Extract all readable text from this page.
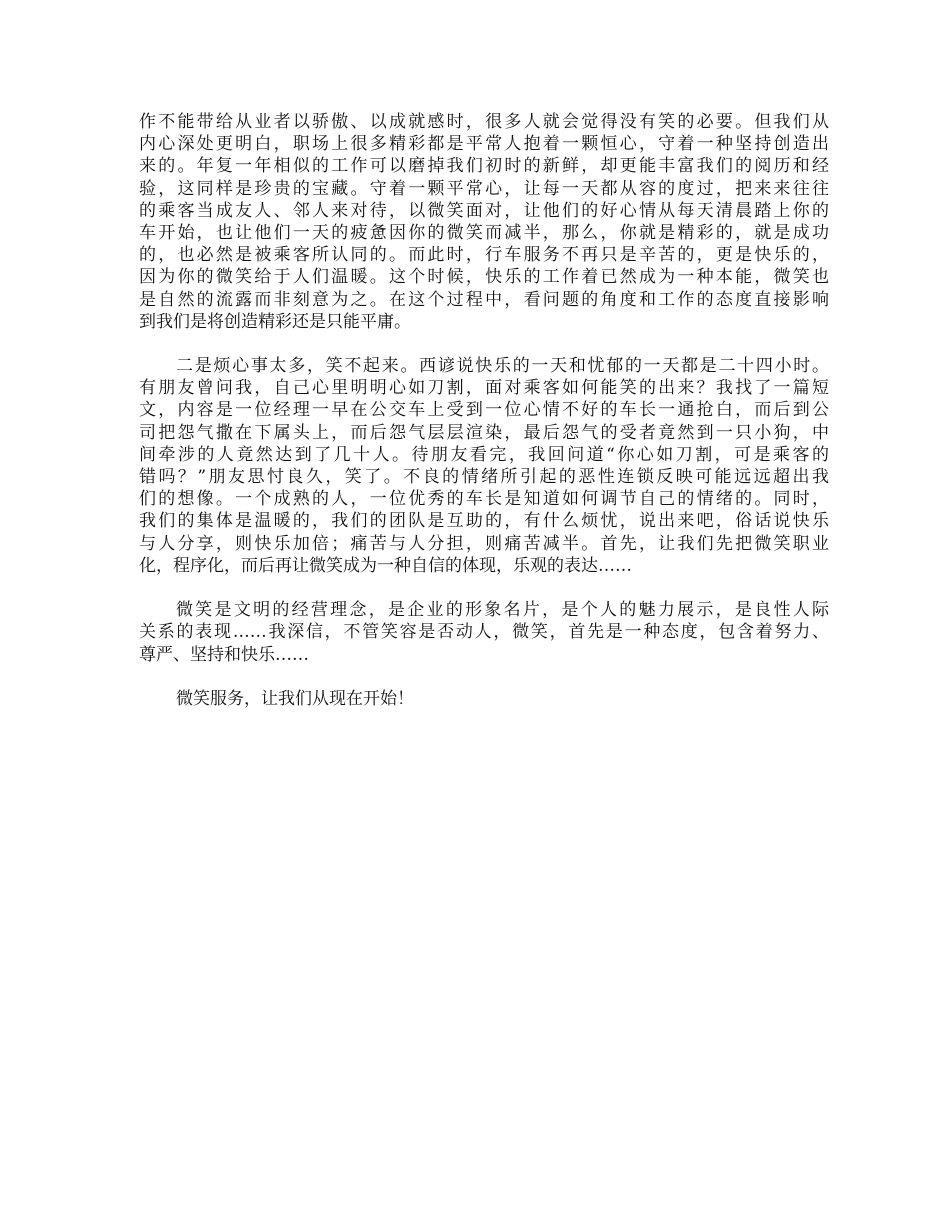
作不能带给从业者以骄傲、以成就感时，很多人就会觉得没有笑的必要。但我们从
内心深处更明白，职场上很多精彩都是平常人抱着一颗恒心，守着一种坚持创造出
来的。年复一年相似的工作可以磨掉我们初时的新鲜，却更能丰富我们的阅历和经
验，这同样是珍贵的宝藏。守着一颗平常心，让每一天都从容的度过，把来来往往
的乘客当成友人、邻人来对待，以微笑面对，让他们的好心情从每天清晨踏上你的
车开始，也让他们一天的疲惫因你的微笑而减半，那么，你就是精彩的，就是成功
的，也必然是被乘客所认同的。而此时，行车服务不再只是辛苦的，更是快乐的，
因为你的微笑给于人们温暖。这个时候，快乐的工作着已然成为一种本能，微笑也
是自然的流露而非刻意为之。在这个过程中，看问题的角度和工作的态度直接影响
到我们是将创造精彩还是只能平庸。
二是烦心事太多，笑不起来。西谚说快乐的一天和忧郁的一天都是二十四小时。
有朋友曾问我，自己心里明明心如刀割，面对乘客如何能笑的出来？我找了一篇短
文，内容是一位经理一早在公交车上受到一位心情不好的车长一通抢白，而后到公
司把怨气撒在下属头上，而后怨气层层渲染，最后怨气的受者竟然到一只小狗，中
间牵涉的人竟然达到了几十人。待朋友看完，我回问道“你心如刀割，可是乘客的
错吗？”朋友思忖良久，笑了。不良的情绪所引起的恶性连锁反映可能远远超出我
们的想像。一个成熟的人，一位优秀的车长是知道如何调节自己的情绪的。同时，
我们的集体是温暖的，我们的团队是互助的，有什么烦忧，说出来吧，俗话说快乐
与人分享，则快乐加倍；痛苦与人分担，则痛苦减半。首先，让我们先把微笑职业
化，程序化，而后再让微笑成为一种自信的体现，乐观的表达……
微笑是文明的经营理念，是企业的形象名片，是个人的魅力展示，是良性人际
关系的表现……我深信，不管笑容是否动人，微笑，首先是一种态度，包含着努力、
尊严、坚持和快乐……
微笑服务，让我们从现在开始！
